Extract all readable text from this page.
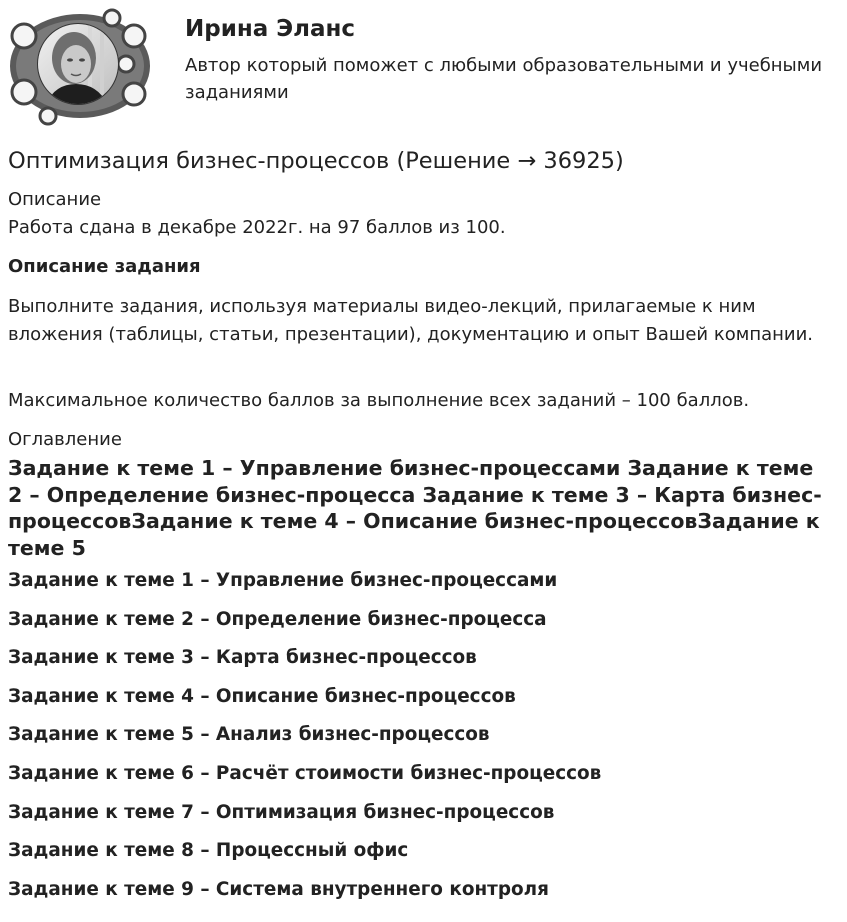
Ирина Эланс
Автор который поможет с любыми образовательными и учебными заданиями
Оптимизация бизнес-процессов (Решение → 36925)
Описание
Работа сдана в декабре 2022г. на 97 баллов из 100.
Описание задания
Выполните задания, используя материалы видео-лекций, прилагаемые к ним вложения (таблицы, статьи, презентации), документацию и опыт Вашей компании.
Максимальное количество баллов за выполнение всех заданий – 100 баллов.
Оглавление
Задание к теме 1 – Управление бизнес-процессами Задание к теме 2 – Определение бизнес-процесса Задание к теме 3 – Карта бизнес-процессовЗадание к теме 4 – Описание бизнес-процессовЗадание к теме 5
Задание к теме 1 – Управление бизнес-процессами
Задание к теме 2 – Определение бизнес-процесса
Задание к теме 3 – Карта бизнес-процессов
Задание к теме 4 – Описание бизнес-процессов
Задание к теме 5 – Анализ бизнес-процессов
Задание к теме 6 – Расчёт стоимости бизнес-процессов
Задание к теме 7 – Оптимизация бизнес-процессов
Задание к теме 8 – Процессный офис
Задание к теме 9 – Система внутреннего контроля
